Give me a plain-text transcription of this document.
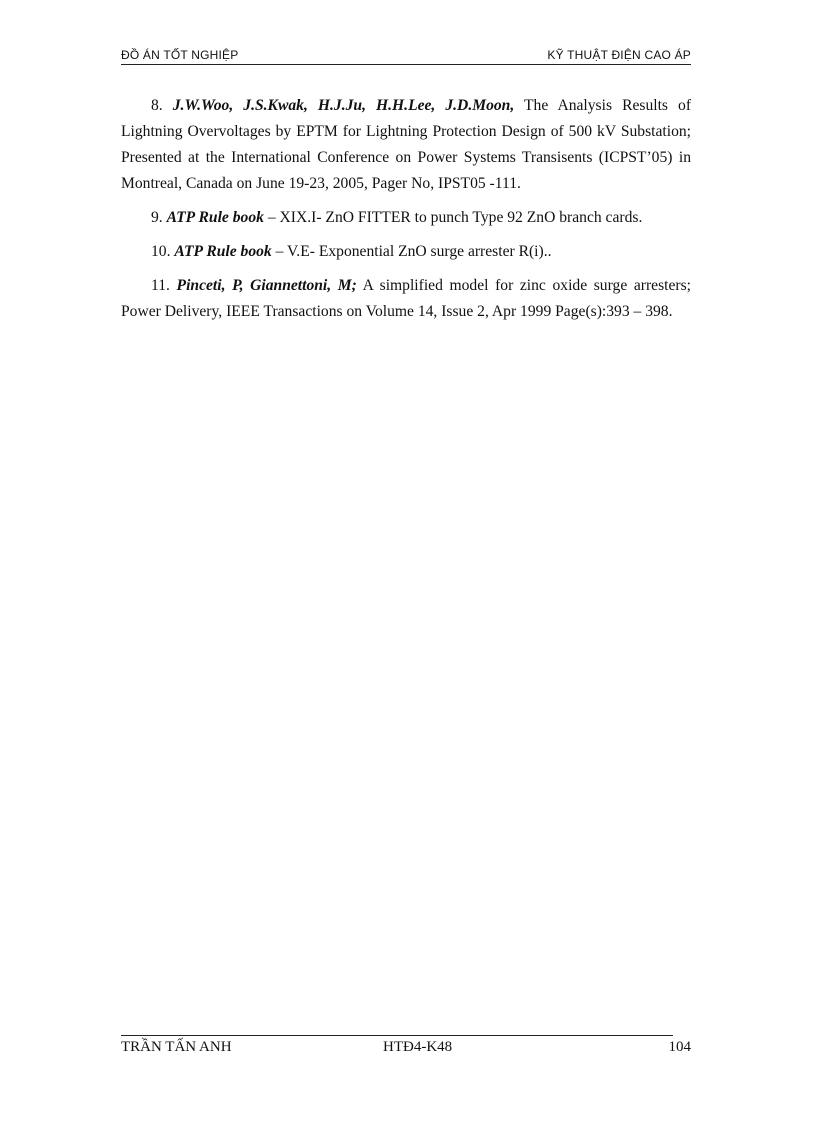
ĐỒ ÁN TỐT NGHIỆP	KỸ THUẬT ĐIỆN CAO ÁP

8. J.W.Woo, J.S.Kwak, H.J.Ju, H.H.Lee, J.D.Moon, The Analysis Results of Lightning Overvoltages by EPTM for Lightning Protection Design of 500 kV Substation; Presented at the International Conference on Power Systems Transisents (ICPST’05) in Montreal, Canada on June 19-23, 2005, Pager No, IPST05 -111.

9. ATP Rule book – XIX.I- ZnO FITTER to punch Type 92 ZnO branch cards.

10. ATP Rule book – V.E- Exponential ZnO surge arrester R(i)..

11. Pinceti, P, Giannettoni, M; A simplified model for zinc oxide surge arresters; Power Delivery, IEEE Transactions on Volume 14, Issue 2, Apr 1999 Page(s):393 – 398.

TRẦN TẤN ANH	HTĐ4-K48	104
